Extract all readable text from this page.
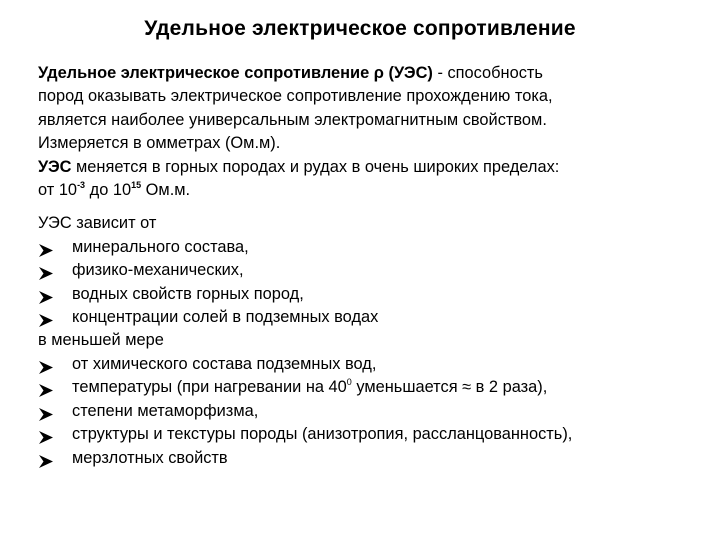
Удельное электрическое сопротивление

Удельное электрическое сопротивление ρ (УЭС) - способность
пород оказывать электрическое сопротивление прохождению тока,
является наиболее универсальным электромагнитным свойством.
Измеряется в омметрах (Ом.м).

УЭС меняется в горных породах и рудах в очень широких пределах:
от $10^{-3}$ до $10^{15}$ Ом.м.

УЭС зависит от

минерального состава,
физико-механических,
водных свойств горных пород,
концентрации солей в подземных водах

в меньшей мере

от химического состава подземных вод,
температуры (при нагревании на $40^0$ уменьшается ≈ в 2 раза),
степени метаморфизма,
структуры и текстуры породы (анизотропия, рассланцованность),
мерзлотных свойств
